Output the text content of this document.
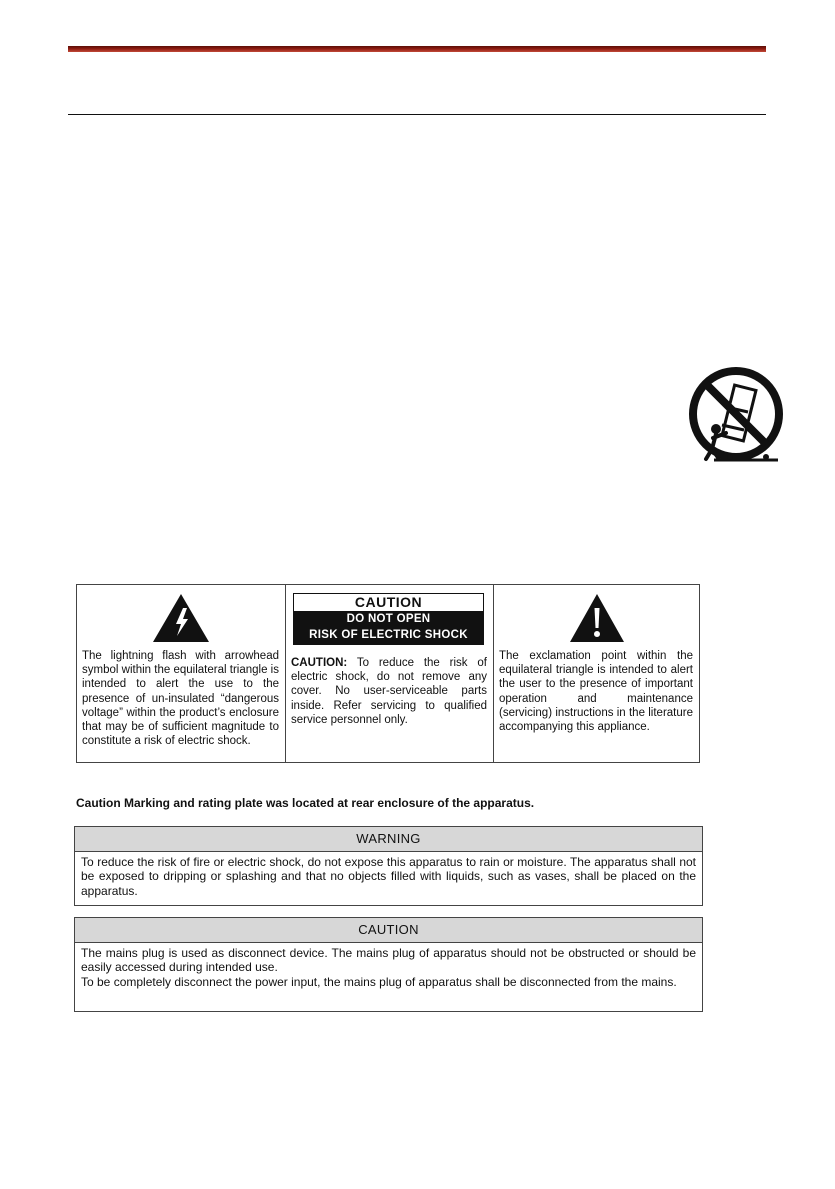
The lightning flash with arrowhead symbol within the equilateral triangle is intended to alert the use to the presence of un-insulated “dangerous voltage” within the product’s enclosure that may be of sufficient magnitude to constitute a risk of electric shock.
CAUTION
DO NOT OPEN
RISK OF ELECTRIC SHOCK
CAUTION: To reduce the risk of electric shock, do not remove any cover. No user-serviceable parts inside. Refer servicing to qualified service personnel only.
The exclamation point within the equilateral triangle is intended to alert the user to the presence of important operation and maintenance (servicing) instructions in the literature accompanying this appliance.
Caution Marking and rating plate was located at rear enclosure of the apparatus.
WARNING

To reduce the risk of fire or electric shock, do not expose this apparatus to rain or moisture. The apparatus shall not be exposed to dripping or splashing and that no objects filled with liquids, such as vases, shall be placed on the apparatus.

CAUTION

The mains plug is used as disconnect device. The mains plug of apparatus should not be obstructed or should be easily accessed during intended use.

To be completely disconnect the power input, the mains plug of apparatus shall be disconnected from the mains.
